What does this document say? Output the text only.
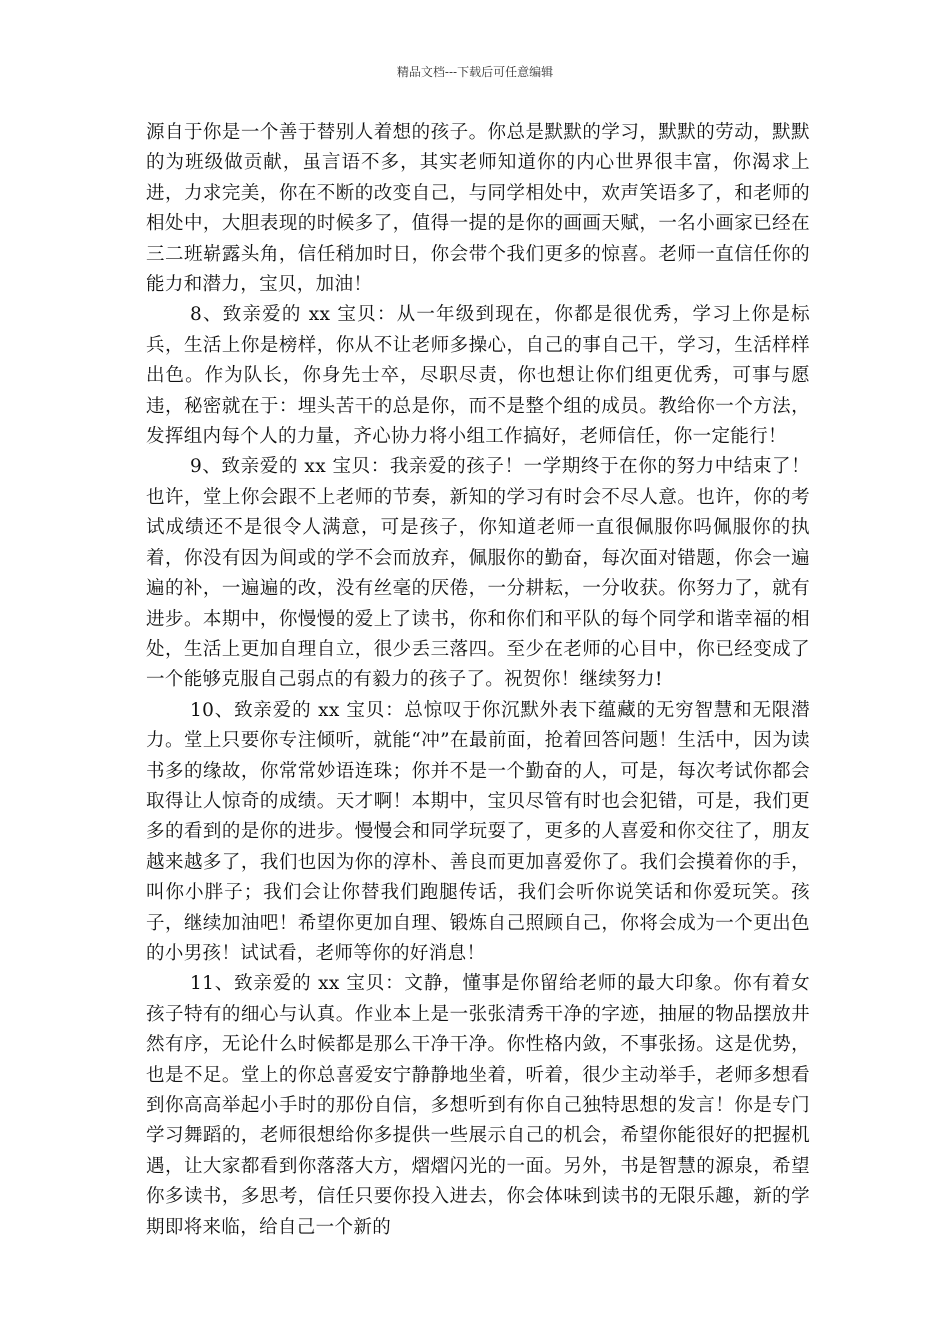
精品文档---下载后可任意编辑

源自于你是一个善于替别人着想的孩子。你总是默默的学习，默默的劳动，默默的为班级做贡献，虽言语不多，其实老师知道你的内心世界很丰富，你渴求上进，力求完美，你在不断的改变自己，与同学相处中，欢声笑语多了，和老师的相处中，大胆表现的时候多了，值得一提的是你的画画天赋，一名小画家已经在三二班崭露头角，信任稍加时日，你会带个我们更多的惊喜。老师一直信任你的能力和潜力，宝贝，加油！

8、致亲爱的 xx 宝贝：从一年级到现在，你都是很优秀，学习上你是标兵，生活上你是榜样，你从不让老师多操心，自己的事自己干，学习，生活样样出色。作为队长，你身先士卒，尽职尽责，你也想让你们组更优秀，可事与愿违，秘密就在于：埋头苦干的总是你，而不是整个组的成员。教给你一个方法，发挥组内每个人的力量，齐心协力将小组工作搞好，老师信任，你一定能行！

9、致亲爱的 xx 宝贝：我亲爱的孩子！一学期终于在你的努力中结束了！也许，堂上你会跟不上老师的节奏，新知的学习有时会不尽人意。也许，你的考试成绩还不是很令人满意，可是孩子，你知道老师一直很佩服你吗佩服你的执着，你没有因为间或的学不会而放弃，佩服你的勤奋，每次面对错题，你会一遍遍的补，一遍遍的改，没有丝毫的厌倦，一分耕耘，一分收获。你努力了，就有进步。本期中，你慢慢的爱上了读书，你和你们和平队的每个同学和谐幸福的相处，生活上更加自理自立，很少丢三落四。至少在老师的心目中，你已经变成了一个能够克服自己弱点的有毅力的孩子了。祝贺你！继续努力!

10、致亲爱的 xx 宝贝：总惊叹于你沉默外表下蕴藏的无穷智慧和无限潜力。堂上只要你专注倾听，就能“冲”在最前面，抢着回答问题！生活中，因为读书多的缘故，你常常妙语连珠；你并不是一个勤奋的人，可是，每次考试你都会取得让人惊奇的成绩。天才啊！本期中，宝贝尽管有时也会犯错，可是，我们更多的看到的是你的进步。慢慢会和同学玩耍了，更多的人喜爱和你交往了，朋友越来越多了，我们也因为你的淳朴、善良而更加喜爱你了。我们会摸着你的手，叫你小胖子；我们会让你替我们跑腿传话，我们会听你说笑话和你爱玩笑。孩子，继续加油吧！希望你更加自理、锻炼自己照顾自己，你将会成为一个更出色的小男孩！试试看，老师等你的好消息！

11、致亲爱的 xx 宝贝：文静，懂事是你留给老师的最大印象。你有着女孩子特有的细心与认真。作业本上是一张张清秀干净的字迹，抽屉的物品摆放井然有序，无论什么时候都是那么干净干净。你性格内敛，不事张扬。这是优势，也是不足。堂上的你总喜爱安宁静静地坐着，听着，很少主动举手，老师多想看到你高高举起小手时的那份自信，多想听到有你自己独特思想的发言！你是专门学习舞蹈的，老师很想给你多提供一些展示自己的机会，希望你能很好的把握机遇，让大家都看到你落落大方，熠熠闪光的一面。另外，书是智慧的源泉，希望你多读书，多思考，信任只要你投入进去，你会体味到读书的无限乐趣，新的学期即将来临，给自己一个新的
